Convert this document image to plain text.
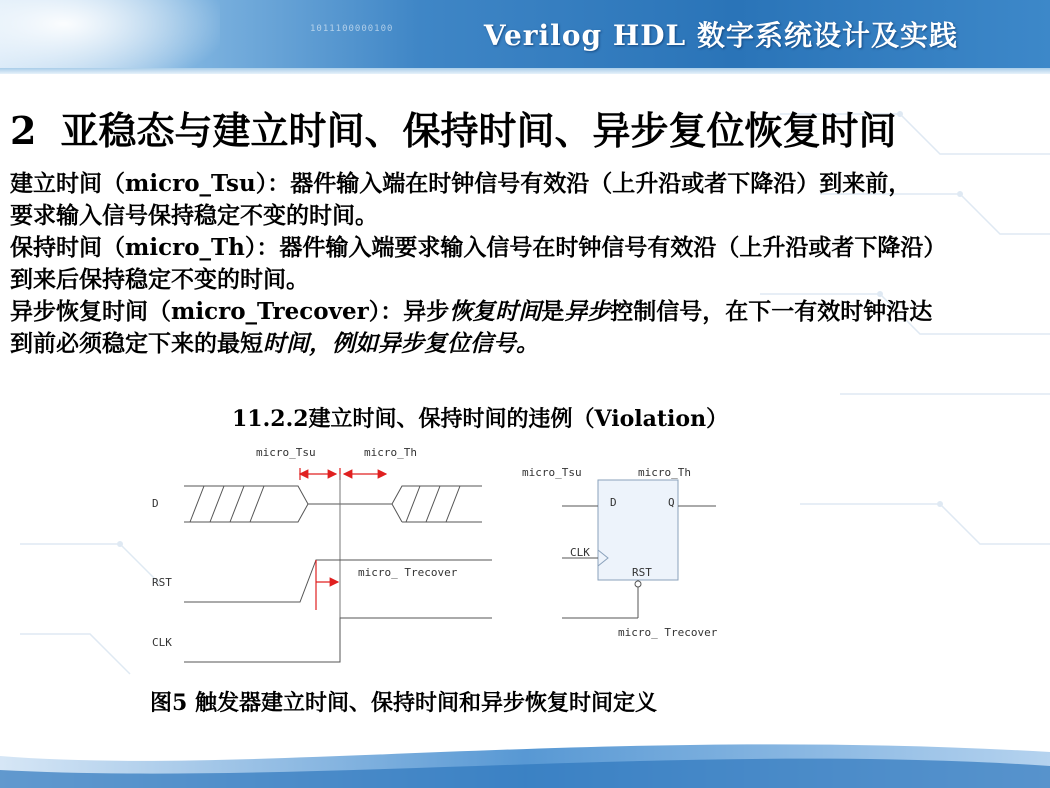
1011100000100	Verilog HDL 数字系统设计及实践
2 亚稳态与建立时间、保持时间、异步复位恢复时间

建立时间（micro_Tsu）：器件输入端在时钟信号有效沿（上升沿或者下降沿）到来前，

要求输入信号保持稳定不变的时间。

保持时间（micro_Th）：器件输入端要求输入信号在时钟信号有效沿（上升沿或者下降沿）

到来后保持稳定不变的时间。

异步恢复时间（micro_Trecover）：异步恢复时间是异步控制信号，在下一有效时钟沿达

到前必须稳定下来的最短时间，例如异步复位信号。

11.2.2建立时间、保持时间的违例（Violation）
micro_Tsu	micro_Th
D
RST
micro_ Trecover
CLK
micro_Tsu	micro_Th
D	Q
CLK
RST
micro_ Trecover
图5 触发器建立时间、保持时间和异步恢复时间定义
